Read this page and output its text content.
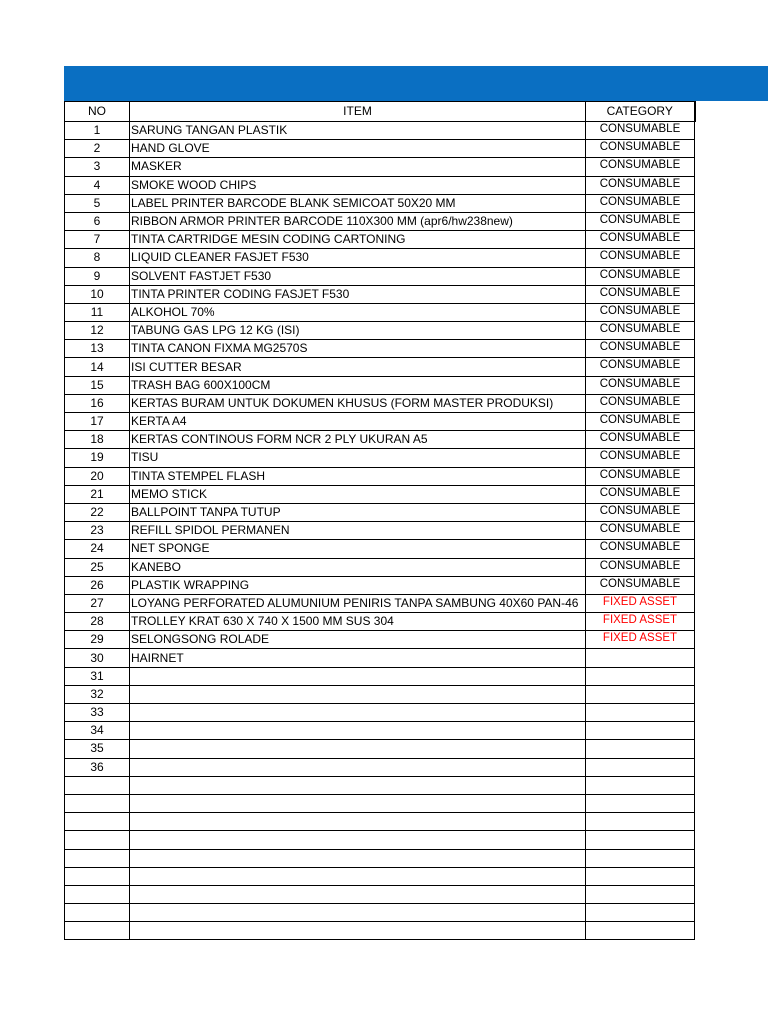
NO	ITEM	CATEGORY
1	SARUNG TANGAN PLASTIK	CONSUMABLE
2	HAND GLOVE	CONSUMABLE
3	MASKER	CONSUMABLE
4	SMOKE WOOD CHIPS	CONSUMABLE
5	LABEL PRINTER BARCODE BLANK SEMICOAT 50X20 MM	CONSUMABLE
6	RIBBON ARMOR PRINTER BARCODE 110X300 MM (apr6/hw238new)	CONSUMABLE
7	TINTA CARTRIDGE MESIN CODING CARTONING	CONSUMABLE
8	LIQUID CLEANER FASJET F530	CONSUMABLE
9	SOLVENT FASTJET F530	CONSUMABLE
10	TINTA PRINTER CODING FASJET F530	CONSUMABLE
11	ALKOHOL 70%	CONSUMABLE
12	TABUNG GAS LPG 12 KG (ISI)	CONSUMABLE
13	TINTA CANON FIXMA MG2570S	CONSUMABLE
14	ISI CUTTER BESAR	CONSUMABLE
15	TRASH BAG 600X100CM	CONSUMABLE
16	KERTAS BURAM UNTUK DOKUMEN KHUSUS (FORM MASTER PRODUKSI)	CONSUMABLE
17	KERTA A4	CONSUMABLE
18	KERTAS CONTINOUS FORM NCR 2 PLY UKURAN A5	CONSUMABLE
19	TISU	CONSUMABLE
20	TINTA STEMPEL FLASH	CONSUMABLE
21	MEMO STICK	CONSUMABLE
22	BALLPOINT TANPA TUTUP	CONSUMABLE
23	REFILL SPIDOL PERMANEN	CONSUMABLE
24	NET SPONGE	CONSUMABLE
25	KANEBO	CONSUMABLE
26	PLASTIK WRAPPING	CONSUMABLE
27	LOYANG PERFORATED ALUMUNIUM PENIRIS TANPA SAMBUNG 40X60 PAN-46	FIXED ASSET
28	TROLLEY KRAT 630 X 740 X 1500 MM SUS 304	FIXED ASSET
29	SELONGSONG ROLADE	FIXED ASSET
30	HAIRNET	
31		
32		
33		
34		
35		
36		
